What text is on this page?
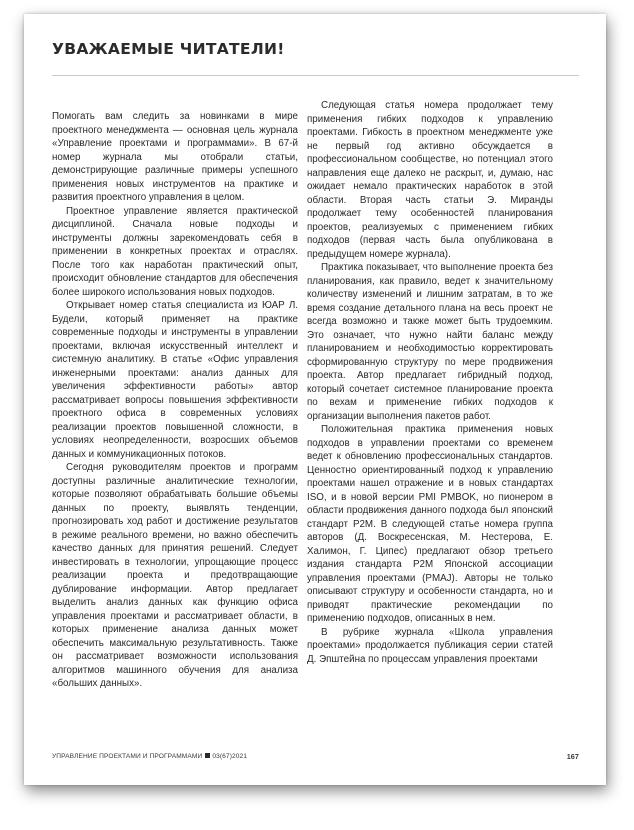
УВАЖАЕМЫЕ ЧИТАТЕЛИ!

Помогать вам следить за новинками в мире проектного менеджмента — основная цель журнала «Управление проектами и программами». В 67-й номер журнала мы отобрали статьи, демонстрирующие различные примеры успешного применения новых инструментов на практике и развития проектного управления в целом.

Проектное управление является практической дисциплиной. Сначала новые подходы и инструменты должны зарекомендовать себя в применении в конкретных проектах и отраслях. После того как наработан практический опыт, происходит обновление стандартов для обеспечения более широкого использования новых подходов.

Открывает номер статья специалиста из ЮАР Л. Будели, который применяет на практике современные подходы и инструменты в управлении проектами, включая искусственный интеллект и системную аналитику. В статье «Офис управления инженерными проектами: анализ данных для увеличения эффективности работы» автор рассматривает вопросы повышения эффективности проектного офиса в современных условиях реализации проектов повышенной сложности, в условиях неопределенности, возросших объемов данных и коммуникационных потоков.

Сегодня руководителям проектов и программ доступны различные аналитические технологии, которые позволяют обрабатывать большие объемы данных по проекту, выявлять тенденции, прогнозировать ход работ и достижение результатов в режиме реального времени, но важно обеспечить качество данных для принятия решений. Следует инвестировать в технологии, упрощающие процесс реализации проекта и предотвращающие дублирование информации. Автор предлагает выделить анализ данных как функцию офиса управления проектами и рассматривает области, в которых применение анализа данных может обеспечить максимальную результативность. Также он рассматривает возможности использования алгоритмов машинного обучения для анализа «больших данных».

Следующая статья номера продолжает тему применения гибких подходов к управлению проектами. Гибкость в проектном менеджменте уже не первый год активно обсуждается в профессиональном сообществе, но потенциал этого направления еще далеко не раскрыт, и, думаю, нас ожидает немало практических наработок в этой области. Вторая часть статьи Э. Миранды продолжает тему особенностей планирования проектов, реализуемых с применением гибких подходов (первая часть была опубликована в предыдущем номере журнала).

Практика показывает, что выполнение проекта без планирования, как правило, ведет к значительному количеству изменений и лишним затратам, в то же время создание детального плана на весь проект не всегда возможно и также может быть трудоемким. Это означает, что нужно найти баланс между планированием и необходимостью корректировать сформированную структуру по мере продвижения проекта. Автор предлагает гибридный подход, который сочетает системное планирование проекта по вехам и применение гибких подходов к организации выполнения пакетов работ.

Положительная практика применения новых подходов в управлении проектами со временем ведет к обновлению профессиональных стандартов. Ценностно ориентированный подход к управлению проектами нашел отражение и в новых стандартах ISO, и в новой версии PMI PMBOK, но пионером в области продвижения данного подхода был японский стандарт P2M. В следующей статье номера группа авторов (Д. Воскресенская, М. Нестерова, Е. Халимон, Г. Ципес) предлагают обзор третьего издания стандарта P2M Японской ассоциации управления проектами (PMAJ). Авторы не только описывают структуру и особенности стандарта, но и приводят практические рекомендации по применению подходов, описанных в нем.

В рубрике журнала «Школа управления проектами» продолжается публикация серии статей Д. Эпштейна по процессам управления проектами

УПРАВЛЕНИЕ ПРОЕКТАМИ И ПРОГРАММАМИ 03(67)2021	167
